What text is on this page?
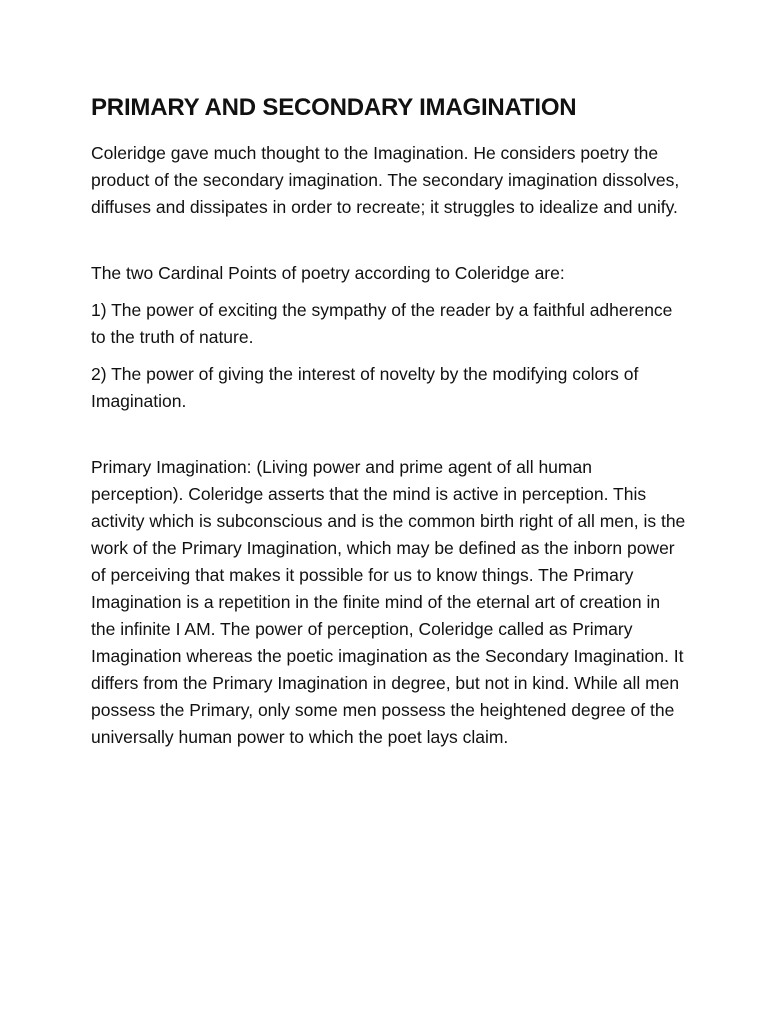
PRIMARY AND SECONDARY IMAGINATION

Coleridge gave much thought to the Imagination. He considers poetry the product of the secondary imagination. The secondary imagination dissolves, diffuses and dissipates in order to recreate; it struggles to idealize and unify.

The two Cardinal Points of poetry according to Coleridge are:

1) The power of exciting the sympathy of the reader by a faithful adherence to the truth of nature.

2) The power of giving the interest of novelty by the modifying colors of Imagination.

Primary Imagination: (Living power and prime agent of all human perception). Coleridge asserts that the mind is active in perception. This activity which is subconscious and is the common birth right of all men, is the work of the Primary Imagination, which may be defined as the inborn power of perceiving that makes it possible for us to know things. The Primary Imagination is a repetition in the finite mind of the eternal art of creation in the infinite I AM. The power of perception, Coleridge called as Primary Imagination whereas the poetic imagination as the Secondary Imagination. It differs from the Primary Imagination in degree, but not in kind. While all men possess the Primary, only some men possess the heightened degree of the universally human power to which the poet lays claim.
